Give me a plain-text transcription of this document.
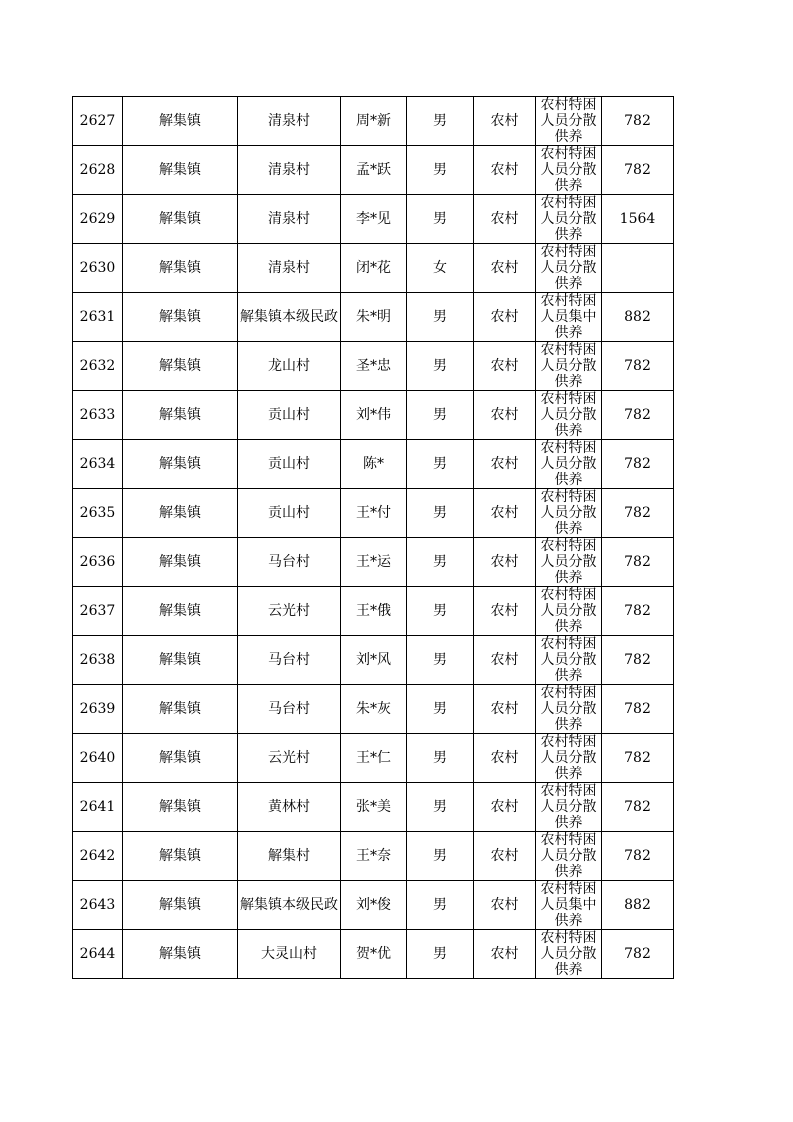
2627	解集镇	清泉村	周*新	男	农村	农村特困人员分散供养	782
2628	解集镇	清泉村	孟*跃	男	农村	农村特困人员分散供养	782
2629	解集镇	清泉村	李*见	男	农村	农村特困人员分散供养	1564
2630	解集镇	清泉村	闭*花	女	农村	农村特困人员分散供养	

2631	解集镇	解集镇本级民政	朱*明	男	农村	农村特困人员集中供养	882
2632	解集镇	龙山村	圣*忠	男	农村	农村特困人员分散供养	782
2633	解集镇	贡山村	刘*伟	男	农村	农村特困人员分散供养	782
2634	解集镇	贡山村	陈*	男	农村	农村特困人员分散供养	782
2635	解集镇	贡山村	王*付	男	农村	农村特困人员分散供养	782
2636	解集镇	马台村	王*运	男	农村	农村特困人员分散供养	782
2637	解集镇	云光村	王*俄	男	农村	农村特困人员分散供养	782
2638	解集镇	马台村	刘*风	男	农村	农村特困人员分散供养	782
2639	解集镇	马台村	朱*灰	男	农村	农村特困人员分散供养	782
2640	解集镇	云光村	王*仁	男	农村	农村特困人员分散供养	782
2641	解集镇	黄林村	张*美	男	农村	农村特困人员分散供养	782
2642	解集镇	解集村	王*奈	男	农村	农村特困人员分散供养	782
2643	解集镇	解集镇本级民政	刘*俊	男	农村	农村特困人员集中供养	882
2644	解集镇	大灵山村	贺*优	男	农村	农村特困人员分散供养	782
